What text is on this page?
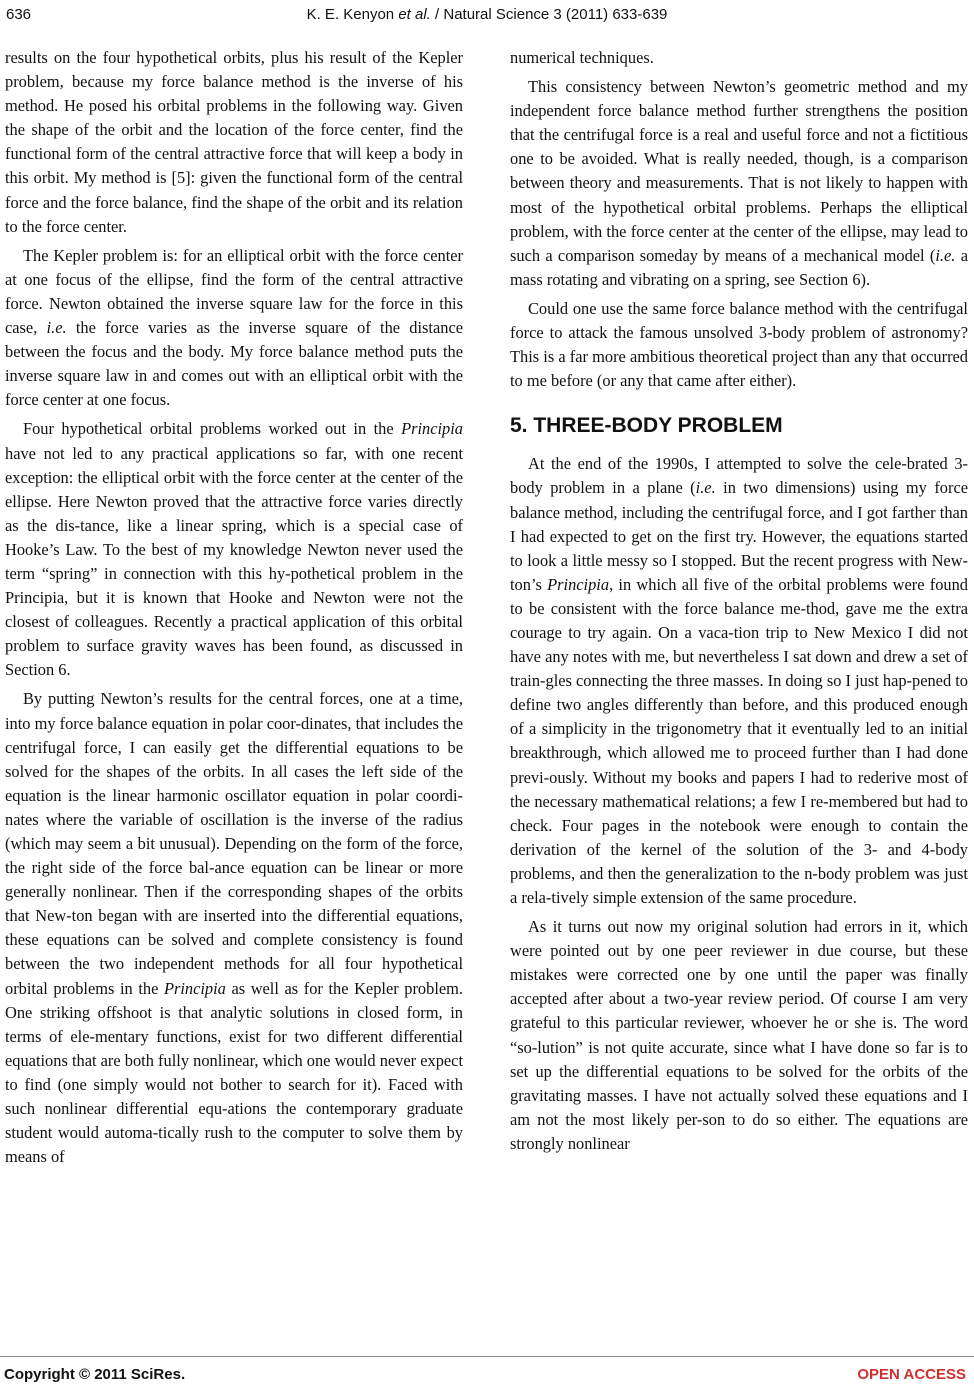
636	K. E. Kenyon et al. / Natural Science 3 (2011) 633-639

results on the four hypothetical orbits, plus his result of the Kepler problem, because my force balance method is the inverse of his method. He posed his orbital problems in the following way. Given the shape of the orbit and the location of the force center, find the functional form of the central attractive force that will keep a body in this orbit. My method is [5]: given the functional form of the central force and the force balance, find the shape of the orbit and its relation to the force center.

The Kepler problem is: for an elliptical orbit with the force center at one focus of the ellipse, find the form of the central attractive force. Newton obtained the inverse square law for the force in this case, i.e. the force varies as the inverse square of the distance between the focus and the body. My force balance method puts the inverse square law in and comes out with an elliptical orbit with the force center at one focus.

Four hypothetical orbital problems worked out in the Principia have not led to any practical applications so far, with one recent exception: the elliptical orbit with the force center at the center of the ellipse. Here Newton proved that the attractive force varies directly as the dis-tance, like a linear spring, which is a special case of Hooke’s Law. To the best of my knowledge Newton never used the term “spring” in connection with this hy-pothetical problem in the Principia, but it is known that Hooke and Newton were not the closest of colleagues. Recently a practical application of this orbital problem to surface gravity waves has been found, as discussed in Section 6.

By putting Newton’s results for the central forces, one at a time, into my force balance equation in polar coor-dinates, that includes the centrifugal force, I can easily get the differential equations to be solved for the shapes of the orbits. In all cases the left side of the equation is the linear harmonic oscillator equation in polar coordi-nates where the variable of oscillation is the inverse of the radius (which may seem a bit unusual). Depending on the form of the force, the right side of the force bal-ance equation can be linear or more generally nonlinear. Then if the corresponding shapes of the orbits that New-ton began with are inserted into the differential equations, these equations can be solved and complete consistency is found between the two independent methods for all four hypothetical orbital problems in the Principia as well as for the Kepler problem. One striking offshoot is that analytic solutions in closed form, in terms of ele-mentary functions, exist for two different differential equations that are both fully nonlinear, which one would never expect to find (one simply would not bother to search for it). Faced with such nonlinear differential equ-ations the contemporary graduate student would automa-tically rush to the computer to solve them by means of

numerical techniques.

This consistency between Newton’s geometric method and my independent force balance method further strengthens the position that the centrifugal force is a real and useful force and not a fictitious one to be avoided. What is really needed, though, is a comparison between theory and measurements. That is not likely to happen with most of the hypothetical orbital problems. Perhaps the elliptical problem, with the force center at the center of the ellipse, may lead to such a comparison someday by means of a mechanical model (i.e. a mass rotating and vibrating on a spring, see Section 6).

Could one use the same force balance method with the centrifugal force to attack the famous unsolved 3-body problem of astronomy? This is a far more ambitious theoretical project than any that occurred to me before (or any that came after either).

5. THREE-BODY PROBLEM

At the end of the 1990s, I attempted to solve the cele-brated 3-body problem in a plane (i.e. in two dimensions) using my force balance method, including the centrifugal force, and I got farther than I had expected to get on the first try. However, the equations started to look a little messy so I stopped. But the recent progress with New-ton’s Principia, in which all five of the orbital problems were found to be consistent with the force balance me-thod, gave me the extra courage to try again. On a vaca-tion trip to New Mexico I did not have any notes with me, but nevertheless I sat down and drew a set of train-gles connecting the three masses. In doing so I just hap-pened to define two angles differently than before, and this produced enough of a simplicity in the trigonometry that it eventually led to an initial breakthrough, which allowed me to proceed further than I had done previ-ously. Without my books and papers I had to rederive most of the necessary mathematical relations; a few I re-membered but had to check. Four pages in the notebook were enough to contain the derivation of the kernel of the solution of the 3- and 4-body problems, and then the generalization to the n-body problem was just a rela-tively simple extension of the same procedure.

As it turns out now my original solution had errors in it, which were pointed out by one peer reviewer in due course, but these mistakes were corrected one by one until the paper was finally accepted after about a two-year review period. Of course I am very grateful to this particular reviewer, whoever he or she is. The word “so-lution” is not quite accurate, since what I have done so far is to set up the differential equations to be solved for the orbits of the gravitating masses. I have not actually solved these equations and I am not the most likely per-son to do so either. The equations are strongly nonlinear

Copyright © 2011 SciRes.	OPEN ACCESS
